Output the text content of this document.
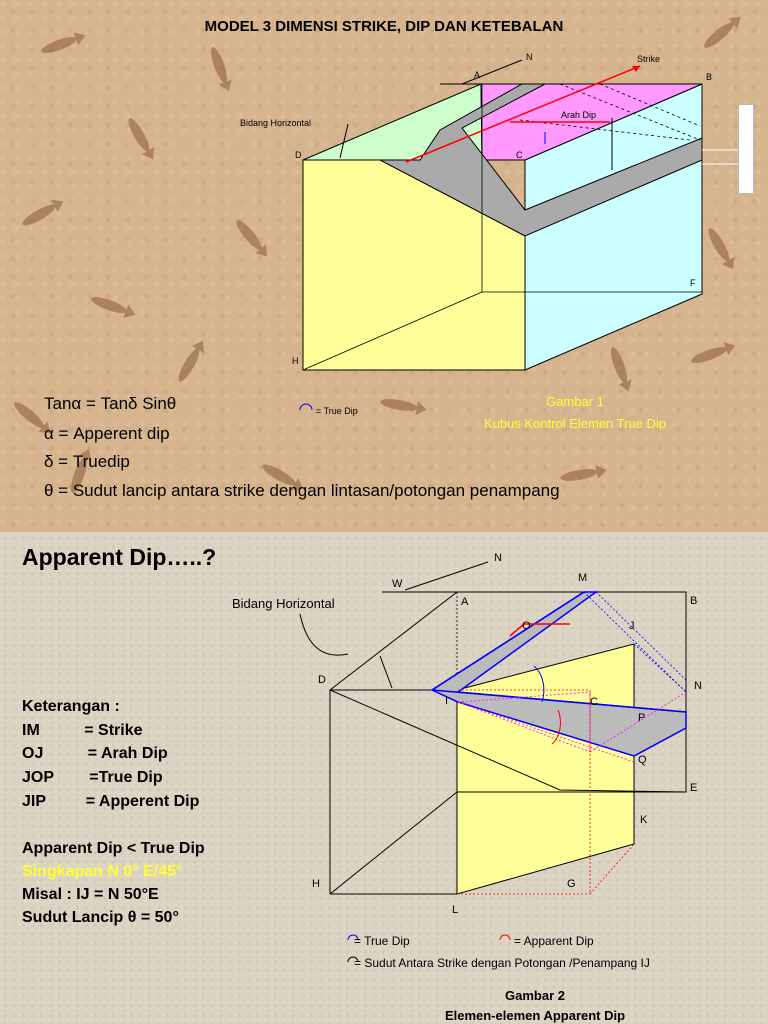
MODEL 3 DIMENSI STRIKE, DIP DAN KETEBALAN
A
N	Strike
B
Arah Dip
Bidang Horizontal
D	C
F
H
= True Dip
Tanα = Tanδ Sinθ
α = Apperent dip
δ = Truedip
θ = Sudut lancip antara strike dengan lintasan/potongan penampang
Gambar 1
Kubus Kontrol Elemen True Dip
Apparent Dip…..?	N
W	M
A	B
Bidang Horizontal
O	J
D	N
I	C
P
Q
E
K
H	G
L
Keterangan :
IM          = Strike
OJ          = Arah Dip
JOP        =True Dip
JIP         = Apperent Dip
Apparent Dip < True Dip
Singkapan N 0° E/45°
Misal : IJ = N 50°E
Sudut Lancip θ = 50°
= True Dip	= Apparent Dip
= Sudut Antara Strike dengan Potongan /Penampang IJ
Gambar 2
Elemen-elemen Apparent Dip
